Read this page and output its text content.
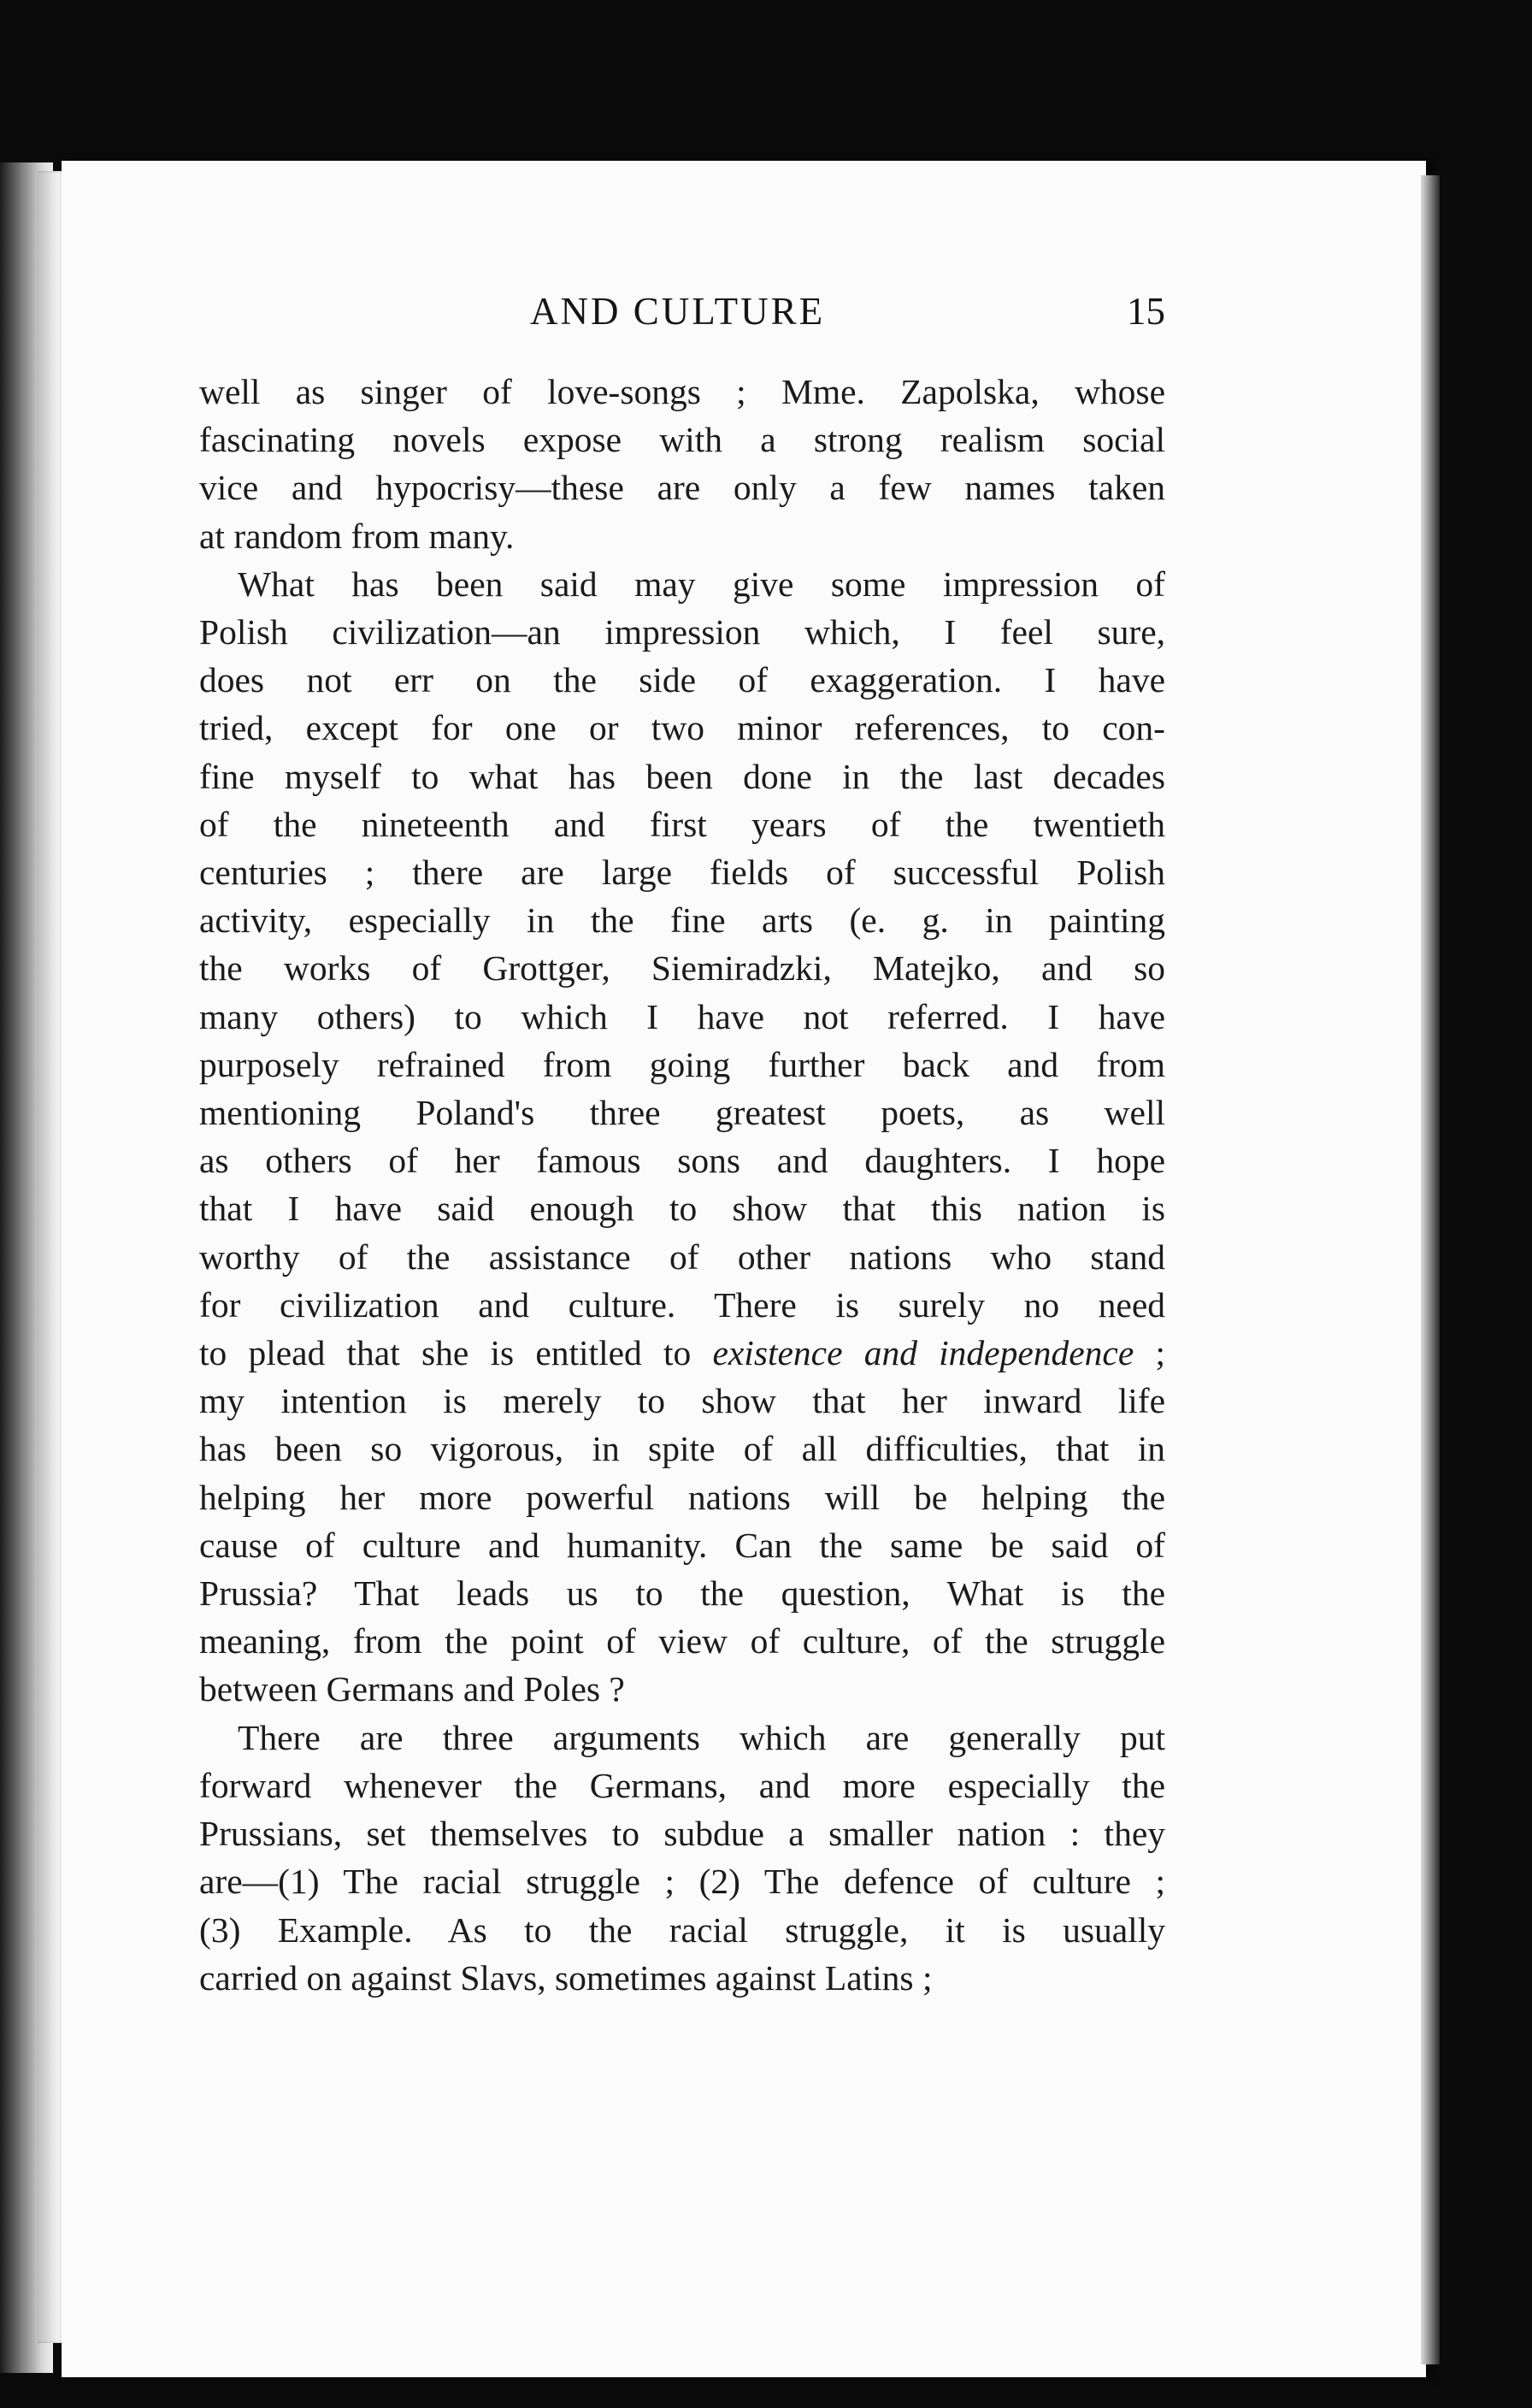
AND CULTURE	15

well as singer of love-songs ; Mme. Zapolska, whose
fascinating novels expose with a strong realism social
vice and hypocrisy—these are only a few names taken
at random from many.

What has been said may give some impression of
Polish civilization—an impression which, I feel sure,
does not err on the side of exaggeration. I have
tried, except for one or two minor references, to con-
fine myself to what has been done in the last decades
of the nineteenth and first years of the twentieth
centuries ; there are large fields of successful Polish
activity, especially in the fine arts (e. g. in painting
the works of Grottger, Siemiradzki, Matejko, and so
many others) to which I have not referred. I have
purposely refrained from going further back and from
mentioning Poland's three greatest poets, as well
as others of her famous sons and daughters. I hope
that I have said enough to show that this nation is
worthy of the assistance of other nations who stand
for civilization and culture. There is surely no need
to plead that she is entitled to existence and independence ;
my intention is merely to show that her inward life
has been so vigorous, in spite of all difficulties, that in
helping her more powerful nations will be helping the
cause of culture and humanity. Can the same be said of
Prussia? That leads us to the question, What is the
meaning, from the point of view of culture, of the struggle
between Germans and Poles ?

There are three arguments which are generally put
forward whenever the Germans, and more especially the
Prussians, set themselves to subdue a smaller nation : they
are—(1) The racial struggle ; (2) The defence of culture ;
(3) Example. As to the racial struggle, it is usually
carried on against Slavs, sometimes against Latins ;
